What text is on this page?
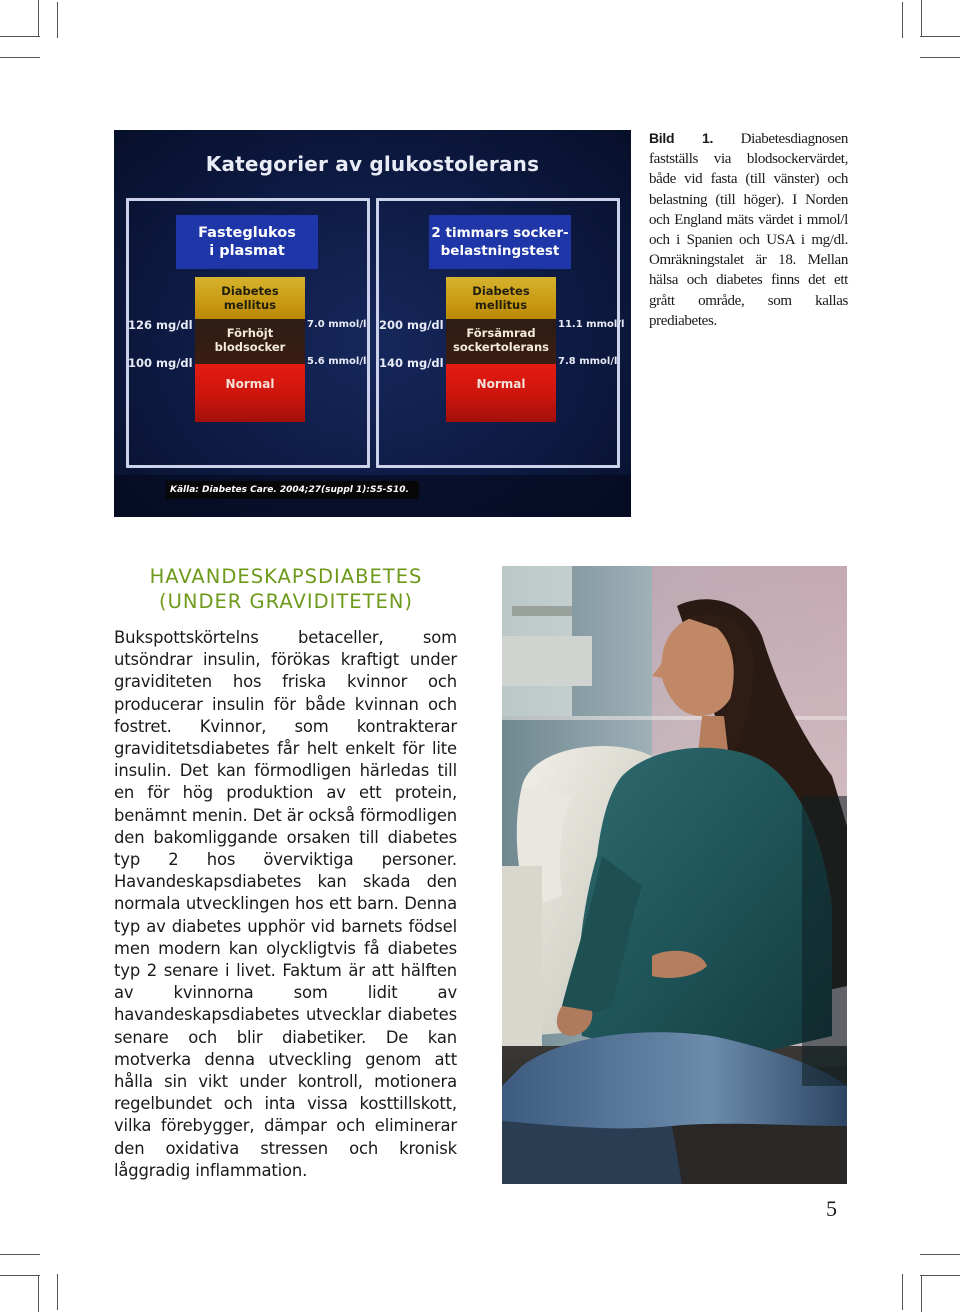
Kategorier av glukostolerans
Fasteglukos
i plasmat
Diabetes
mellitus
Förhöjt
blodsocker
Normal
126 mg/dl
100 mg/dl
7.0 mmol/l
5.6 mmol/l
2 timmars socker-
belastningstest
Diabetes
mellitus
Försämrad
sockertolerans
Normal
200 mg/dl
140 mg/dl
11.1 mmol/l
7.8 mmol/l
Källa: Diabetes Care. 2004;27(suppl 1):S5-S10.

Bild 1. Diabetesdiagnosen fastställs via blodsockervärdet, både vid fasta (till vänster) och belastning (till höger). I Norden och England mäts värdet i mmol/l och i Spanien och USA i mg/dl. Omräkningstalet är 18. Mellan hälsa och diabetes finns det ett grått område, som kallas prediabetes.

HAVANDESKAPSDIABETES
(UNDER GRAVIDITETEN)

Bukspottskörtelns betaceller, som utsöndrar insulin, förökas kraftigt under graviditeten hos friska kvinnor och producerar insulin för både kvinnan och fostret. Kvinnor, som kontrakterar graviditetsdiabetes får helt enkelt för lite insulin. Det kan förmodligen härledas till en för hög produktion av ett protein, benämnt menin. Det är också förmodligen den bakomliggande orsaken till diabetes typ 2 hos överviktiga personer. Havandeskapsdiabetes kan skada den normala utvecklingen hos ett barn. Denna typ av diabetes upphör vid barnets födsel men modern kan olyckligtvis få diabetes typ 2 senare i livet. Faktum är att hälften av kvinnorna som lidit av havandeskapsdiabetes utvecklar diabetes senare och blir diabetiker. De kan motverka denna utveckling genom att hålla sin vikt under kontroll, motionera regelbundet och inta vissa kosttillskott, vilka förebygger, dämpar och eliminerar den oxidativa stressen och kronisk låggradig inflammation.

5
